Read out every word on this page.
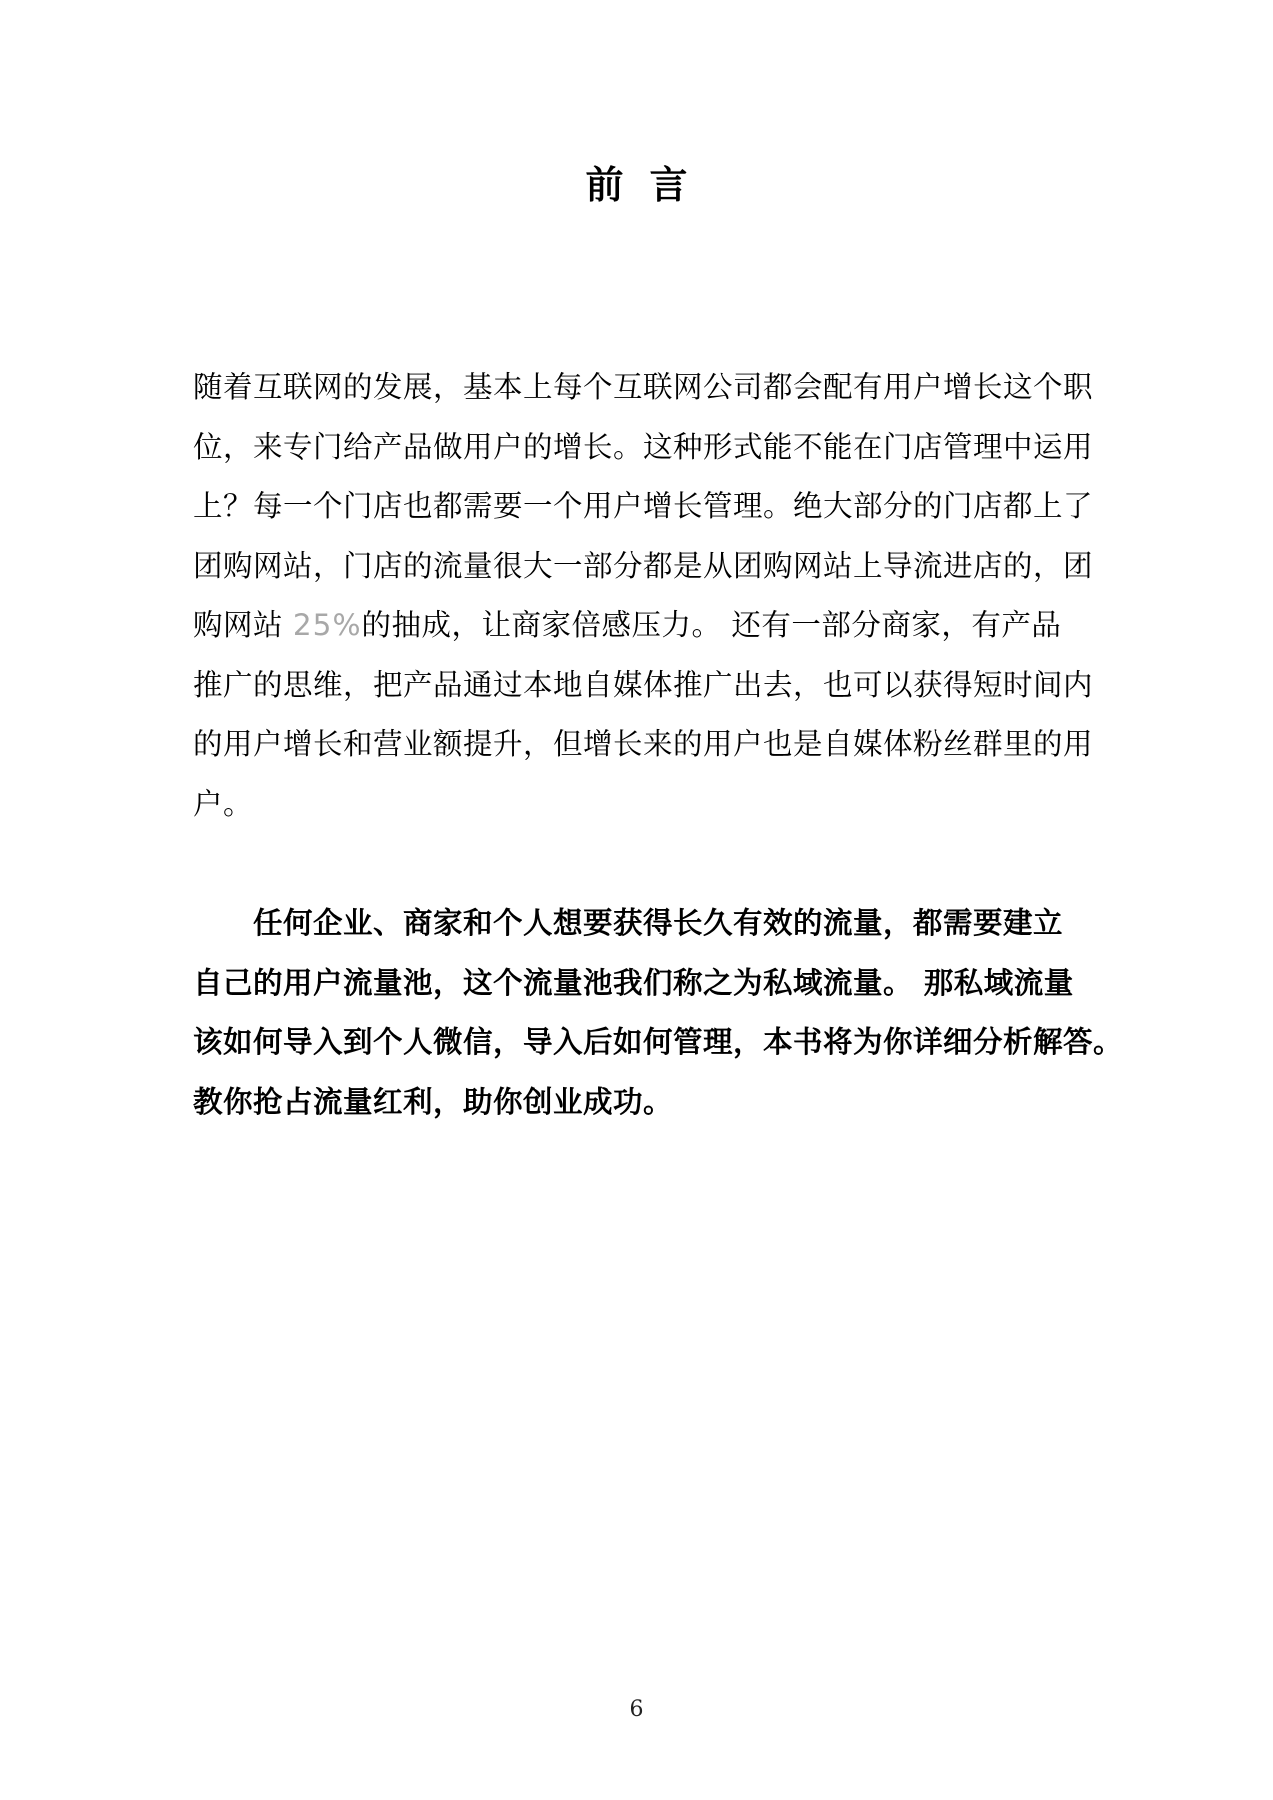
前言
随着互联网的发展，基本上每个互联网公司都会配有用户增长这个职
位，来专门给产品做用户的增长。这种形式能不能在门店管理中运用
上？每一个门店也都需要一个用户增长管理。绝大部分的门店都上了
团购网站，门店的流量很大一部分都是从团购网站上导流进店的，团
购网站 25%的抽成，让商家倍感压力。 还有一部分商家，有产品
推广的思维，把产品通过本地自媒体推广出去，也可以获得短时间内
的用户增长和营业额提升，但增长来的用户也是自媒体粉丝群里的用
户。
任何企业、商家和个人想要获得长久有效的流量，都需要建立
自己的用户流量池，这个流量池我们称之为私域流量。 那私域流量
该如何导入到个人微信，导入后如何管理，本书将为你详细分析解答。
教你抢占流量红利，助你创业成功。
6
